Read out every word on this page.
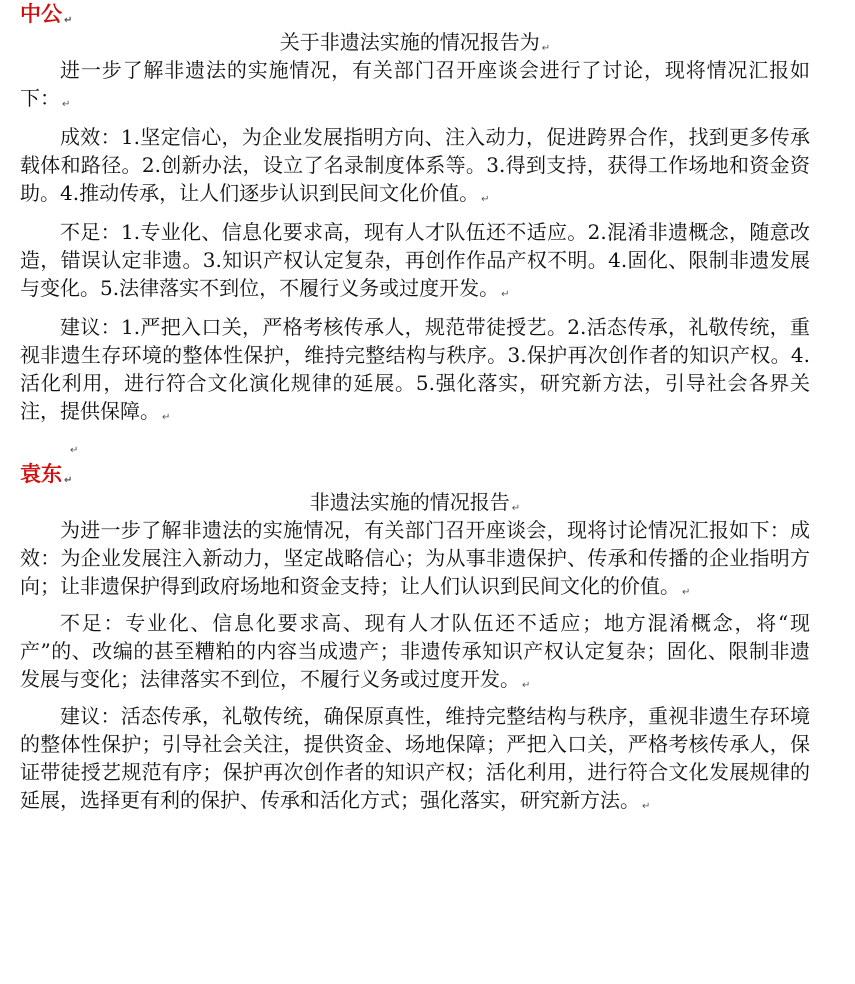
中公 ↵

关于非遗法实施的情况报告为 ↵

进一步了解非遗法的实施情况，有关部门召开座谈会进行了讨论，现将情况汇报如下： ↵

成效：1.坚定信心，为企业发展指明方向、注入动力，促进跨界合作，找到更多传承载体和路径。2.创新办法，设立了名录制度体系等。3.得到支持，获得工作场地和资金资助。4.推动传承，让人们逐步认识到民间文化价值。 ↵

不足：1.专业化、信息化要求高，现有人才队伍还不适应。2.混淆非遗概念，随意改造，错误认定非遗。3.知识产权认定复杂，再创作作品产权不明。4.固化、限制非遗发展与变化。5.法律落实不到位，不履行义务或过度开发。 ↵

建议：1.严把入口关，严格考核传承人，规范带徒授艺。2.活态传承，礼敬传统，重视非遗生存环境的整体性保护，维持完整结构与秩序。3.保护再次创作者的知识产权。4.活化利用，进行符合文化演化规律的延展。5.强化落实，研究新方法，引导社会各界关注，提供保障。 ↵

↵

袁东 ↵

非遗法实施的情况报告 ↵

为进一步了解非遗法的实施情况，有关部门召开座谈会，现将讨论情况汇报如下：成效：为企业发展注入新动力，坚定战略信心；为从事非遗保护、传承和传播的企业指明方向；让非遗保护得到政府场地和资金支持；让人们认识到民间文化的价值。 ↵

不足：专业化、信息化要求高、现有人才队伍还不适应；地方混淆概念，将“现产”的、改编的甚至糟粕的内容当成遗产；非遗传承知识产权认定复杂；固化、限制非遗发展与变化；法律落实不到位，不履行义务或过度开发。 ↵

建议：活态传承，礼敬传统，确保原真性，维持完整结构与秩序，重视非遗生存环境的整体性保护；引导社会关注，提供资金、场地保障；严把入口关，严格考核传承人，保证带徒授艺规范有序；保护再次创作者的知识产权；活化利用，进行符合文化发展规律的延展，选择更有利的保护、传承和活化方式；强化落实，研究新方法。 ↵
